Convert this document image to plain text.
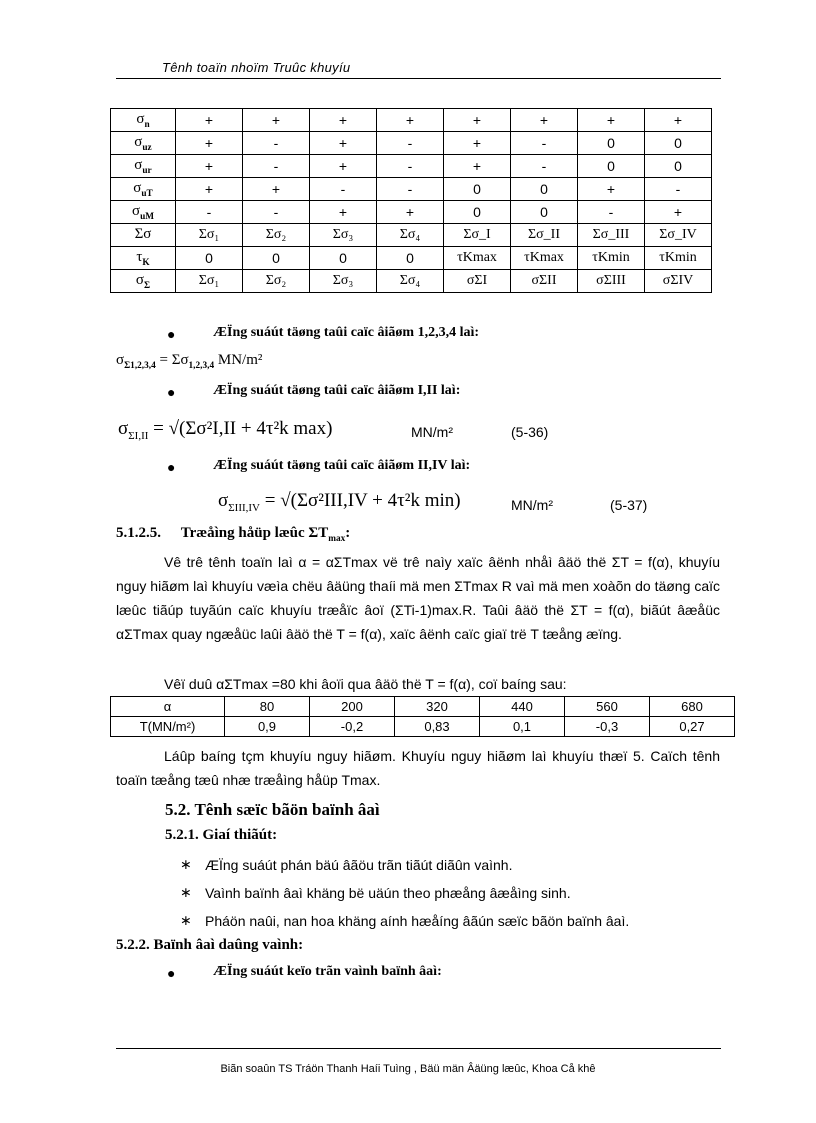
Tênh toaïn nhoïm Truûc khuyíu
$\sigma_n$	+	+	+	+	+	+	+	+
$\sigma_{uz}$	+	-	+	-	+	-	0	0
$\sigma_{ur}$	+	-	+	-	+	-	0	0
$\sigma_{uT}$	+	+	-	-	0	0	+	-
$\sigma_{uM}$	-	-	+	+	0	0	-	+
Σσ	Σσ₁	Σσ₂	Σσ₃	Σσ₄	Σσ_I	Σσ_II	Σσ_III	Σσ_IV
$\tau_K$	0	0	0	0	τKmax	τKmax	τKmin	τKmin
$\sigma_\Sigma$	Σσ₁	Σσ₂	Σσ₃	Σσ₄	σΣI	σΣII	σΣIII	σΣIV
●	ÆÏng suáút täøng taûi caïc âiãøm 1,2,3,4 laì:
$\sigma_{\Sigma 1,2,3,4} = \Sigma\sigma_{1,2,3,4}$ MN/m²
●	ÆÏng suáút täøng taûi caïc âiãøm I,II laì:
$\sigma_{\Sigma I,II} = √(\Sigma\sigma^2I,II + 4\tau^2k$ max)	MN/m²	(5-36)
●	ÆÏng suáút täøng taûi caïc âiãøm II,IV laì:
$\sigma_{\Sigma III,IV} = √(\Sigma\sigma^2III,IV + 4\tau^2k$ min)	MN/m²	(5-37)
5.1.2.5. Træåìng håüp læûc $\Sigma T_{max}$:
Vê trê tênh toaïn laì α = αΣTmax vë trê naìy xaïc âënh nhåì âäö thë ΣT = f(α), khuyíu nguy hiãøm laì khuyíu væìa chëu âäüng thaíi mä men ΣTmax R vaì mä men xoàõn do täøng caïc læûc tiãúp tuyãún caïc khuyíu træåïc âoï (ΣTi-1)max.R. Taûi âäö thë ΣT = f(α), biãút âæåüc αΣTmax quay ngæåüc laûi âäö thë T = f(α), xaïc âënh caïc giaï trë T tæång æïng.
Vêï duû αΣTmax =80 khi âoïi qua âäö thë T = f(α), coï baíng sau:
α	80	200	320	440	560	680
T(MN/m²)	0,9	-0,2	0,83	0,1	-0,3	0,27
Láûp baíng tçm khuyíu nguy hiãøm. Khuyíu nguy hiãøm laì khuyíu thæï 5. Caïch tênh toaïn tæång tæû nhæ træåìng håüp Tmax.
5.2. Tênh sæïc bãön baïnh âaì
5.2.1. Giaí thiãút:
∗ ÆÏng suáút phán bäú âãöu trãn tiãút diãûn vaình.
∗ Vaình baïnh âaì khäng bë uäún theo phæång âæåìng sinh.
∗ Pháön naûi, nan hoa khäng aính hæåíng âãún sæïc bãön baïnh âaì.
5.2.2. Baïnh âaì daûng vaình:
●	ÆÏng suáút keïo trãn vaình baïnh âaì:
Biãn soaûn TS Tráön Thanh Haíi Tuìng , Bäü män Âäüng læûc, Khoa Cå khê
